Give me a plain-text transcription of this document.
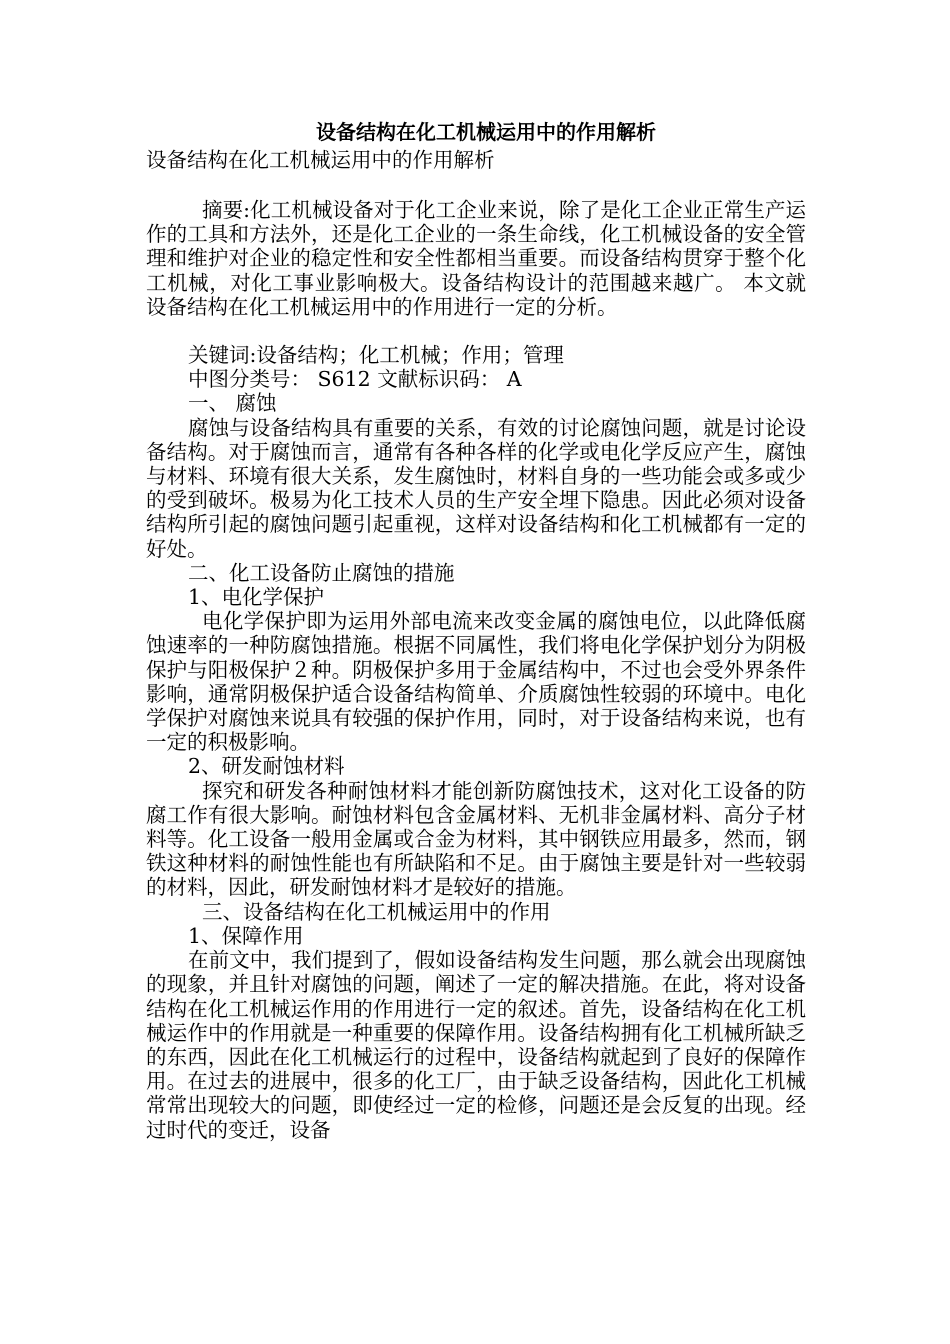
设备结构在化工机械运用中的作用解析

设备结构在化工机械运用中的作用解析

摘要:化工机械设备对于化工企业来说，除了是化工企业正常生产运作的工具和方法外，还是化工企业的一条生命线，化工机械设备的安全管理和维护对企业的稳定性和安全性都相当重要。而设备结构贯穿于整个化工机械，对化工事业影响极大。设备结构设计的范围越来越广。 本文就设备结构在化工机械运用中的作用进行一定的分析。

关键词:设备结构；化工机械；作用；管理

中图分类号： S612 文献标识码： A

一、 腐蚀

腐蚀与设备结构具有重要的关系，有效的讨论腐蚀问题，就是讨论设备结构。对于腐蚀而言，通常有各种各样的化学或电化学反应产生，腐蚀与材料、环境有很大关系，发生腐蚀时，材料自身的一些功能会或多或少的受到破坏。极易为化工技术人员的生产安全埋下隐患。因此必须对设备结构所引起的腐蚀问题引起重视，这样对设备结构和化工机械都有一定的好处。

二、化工设备防止腐蚀的措施

1、电化学保护

电化学保护即为运用外部电流来改变金属的腐蚀电位，以此降低腐蚀速率的一种防腐蚀措施。根据不同属性，我们将电化学保护划分为阴极保护与阳极保护２种。阴极保护多用于金属结构中，不过也会受外界条件影响，通常阴极保护适合设备结构简单、介质腐蚀性较弱的环境中。电化学保护对腐蚀来说具有较强的保护作用，同时，对于设备结构来说，也有一定的积极影响。

2、研发耐蚀材料

探究和研发各种耐蚀材料才能创新防腐蚀技术，这对化工设备的防腐工作有很大影响。耐蚀材料包含金属材料、无机非金属材料、高分子材料等。化工设备一般用金属或合金为材料，其中钢铁应用最多，然而，钢铁这种材料的耐蚀性能也有所缺陷和不足。由于腐蚀主要是针对一些较弱的材料，因此，研发耐蚀材料才是较好的措施。

三、设备结构在化工机械运用中的作用

1、保障作用

在前文中，我们提到了，假如设备结构发生问题，那么就会出现腐蚀的现象，并且针对腐蚀的问题，阐述了一定的解决措施。在此，将对设备结构在化工机械运作用的作用进行一定的叙述。首先，设备结构在化工机械运作中的作用就是一种重要的保障作用。设备结构拥有化工机械所缺乏的东西，因此在化工机械运行的过程中，设备结构就起到了良好的保障作用。在过去的进展中，很多的化工厂，由于缺乏设备结构，因此化工机械常常出现较大的问题，即使经过一定的检修，问题还是会反复的出现。经过时代的变迁，设备
